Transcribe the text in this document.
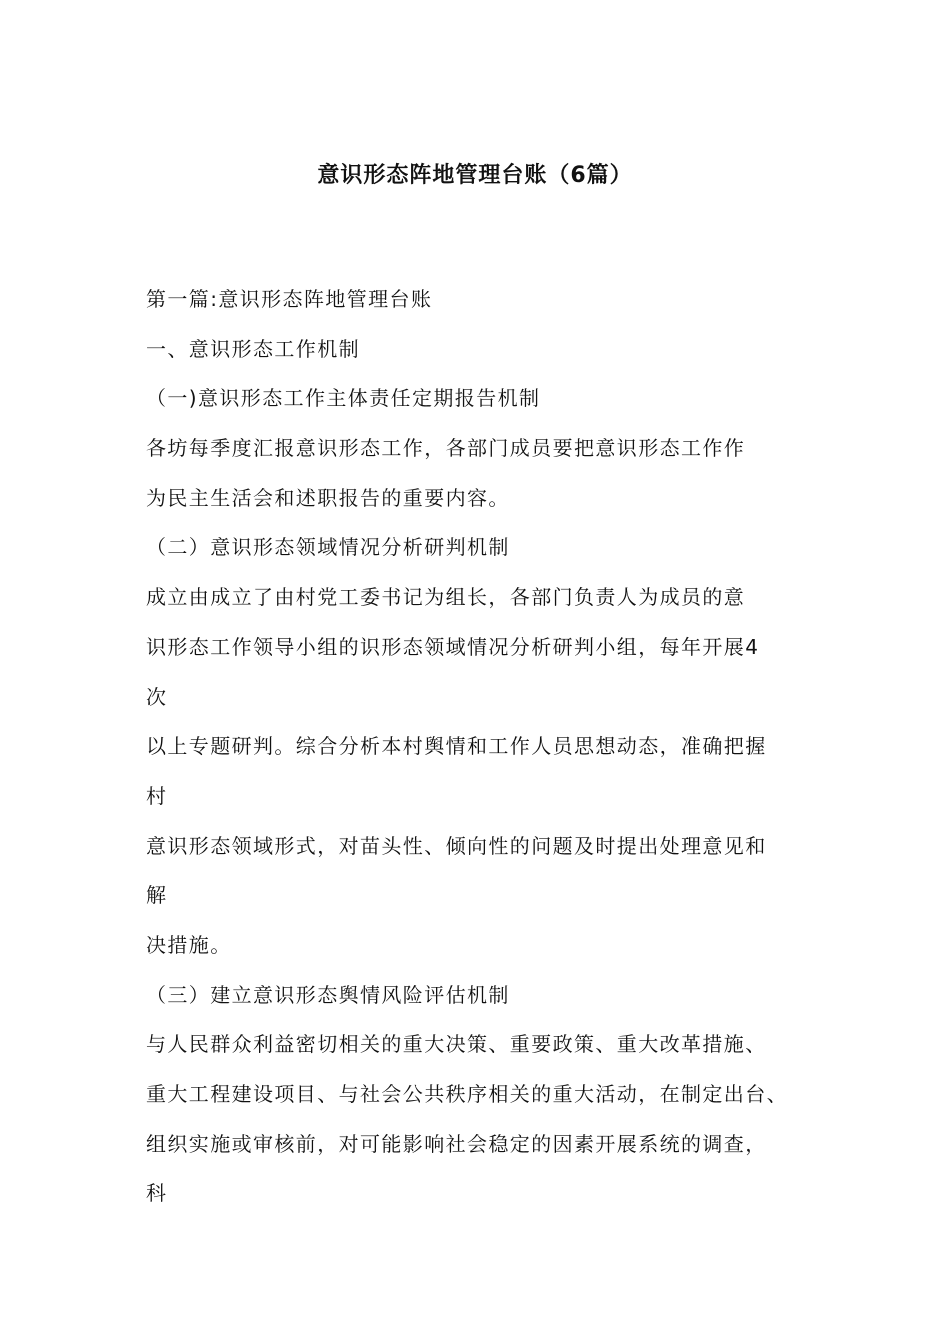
意识形态阵地管理台账（6篇）
第一篇:意识形态阵地管理台账
一、意识形态工作机制
（一)意识形态工作主体责任定期报告机制
各坊每季度汇报意识形态工作，各部门成员要把意识形态工作作
为民主生活会和述职报告的重要内容。
（二）意识形态领域情况分析研判机制
成立由成立了由村党工委书记为组长，各部门负责人为成员的意
识形态工作领导小组的识形态领域情况分析研判小组，每年开展4
次
以上专题研判。综合分析本村舆情和工作人员思想动态，准确把握
村
意识形态领域形式，对苗头性、倾向性的问题及时提出处理意见和
解
决措施。
（三）建立意识形态舆情风险评估机制
与人民群众利益密切相关的重大决策、重要政策、重大改革措施、
重大工程建设项目、与社会公共秩序相关的重大活动，在制定出台、
组织实施或审核前，对可能影响社会稳定的因素开展系统的调查，
科
